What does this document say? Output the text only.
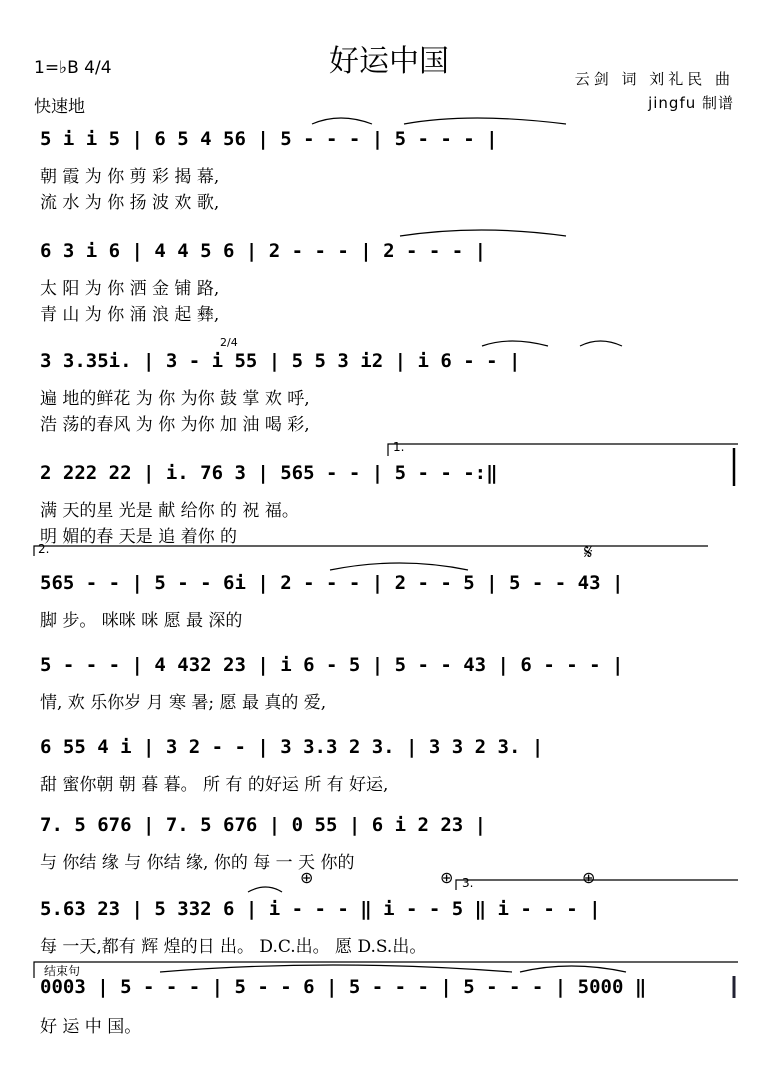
好运中国
1=♭B 4/4
快速地
云剑 词 刘礼民 曲
jingfu 制谱
5 i i 5 | 6 5 4 56 | 5 - - - | 5 - - - |
朝 霞 为 你 剪 彩 揭 幕,
流 水 为 你 扬 波 欢 歌,
6 3 i 6 | 4 4 5 6 | 2 - - - | 2 - - - |
太 阳 为 你 洒 金 铺 路,
青 山 为 你 涌 浪 起 彝,
3 3.35i. | 3 - i 55 | 5 5 3 i2 | i 6 - - |
遍 地的鲜花 为 你 为你 鼓 掌 欢 呼,
浩 荡的春风 为 你 为你 加 油 喝 彩,
2 222 22 | i. 76 3 | 565 - - | 5 - - -:‖
满 天的星 光是 献 给你 的 祝 福。
明 媚的春 天是 追 着你 的
565 - - | 5 - - 6i | 2 - - - | 2 - - 5 | 5 - - 43 |
脚 步。 咪咪 咪 愿 最 深的
5 - - - | 4 432 23 | i 6 - 5 | 5 - - 43 | 6 - - - |
情, 欢 乐你岁 月 寒 暑; 愿 最 真的 爱,
6 55 4 i | 3 2 - - | 3 3.3 2 3. | 3 3 2 3. |
甜 蜜你朝 朝 暮 暮。 所 有 的好运 所 有 好运,
7. 5 676 | 7. 5 676 | 0 55 | 6 i 2 23 |
与 你结 缘 与 你结 缘, 你的 每 一 天 你的
5.63 23 | 5 332 6 | i - - - ‖ i - - 5 ‖ i - - - |
每 一天,都有 辉 煌的日 出。 D.C.出。 愿 D.S.出。
结束句
0003 | 5 - - - | 5 - - 6 | 5 - - - | 5 - - - | 5000 ‖
好 运 中 国。
1.
2.
3.
2/4
𝄋
⊕	⊕	⊕
